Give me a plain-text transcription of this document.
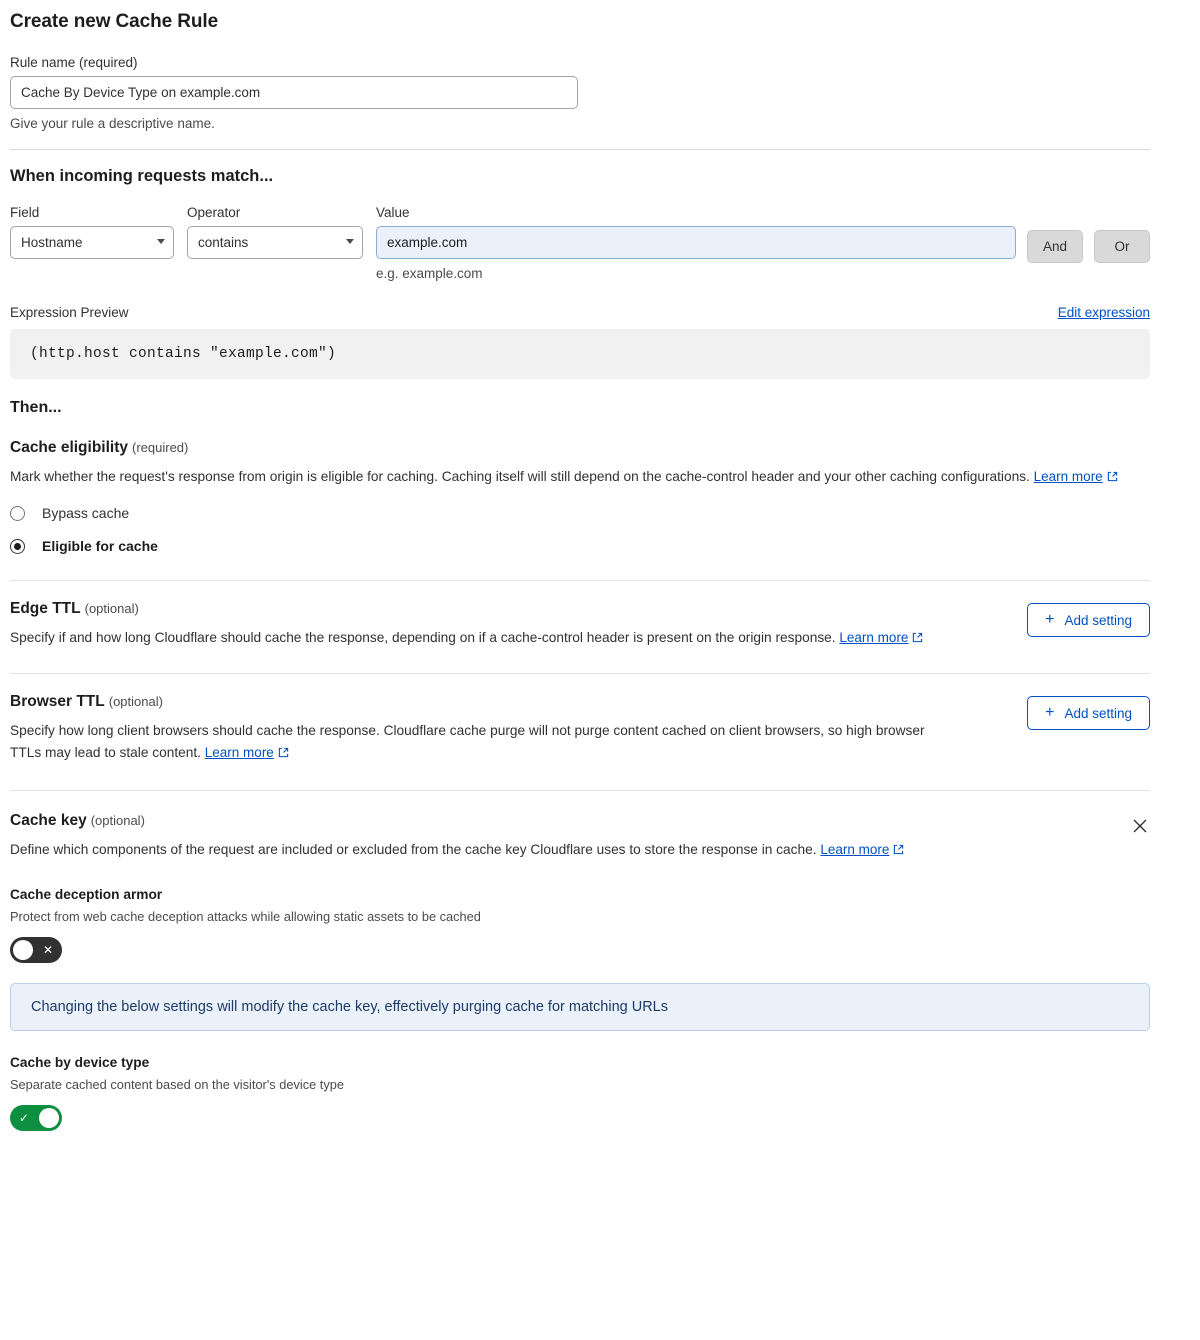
Create new Cache Rule
Rule name (required)
Cache By Device Type on example.com

Give your rule a descriptive name.

When incoming requests match...
Field
Hostname
Operator
contains
Value
example.com

e.g. example.com

And	Or
Expression Preview	Edit expression
(http.host contains "example.com")
Then...
Cache eligibility (required)

Mark whether the request's response from origin is eligible for caching. Caching itself will still depend on the cache-control header and your other caching configurations. Learn more

Bypass cache
Eligible for cache
Edge TTL (optional)

Specify if and how long Cloudflare should cache the response, depending on if a cache-control header is present on the origin response. Learn more

+ Add setting
Browser TTL (optional)

Specify how long client browsers should cache the response. Cloudflare cache purge will not purge content cached on client browsers, so high browser TTLs may lead to stale content. Learn more

+ Add setting
Cache key (optional)

Define which components of the request are included or excluded from the cache key Cloudflare uses to store the response in cache. Learn more

Cache deception armor

Protect from web cache deception attacks while allowing static assets to be cached

✕
Changing the below settings will modify the cache key, effectively purging cache for matching URLs
Cache by device type

Separate cached content based on the visitor's device type

✓
